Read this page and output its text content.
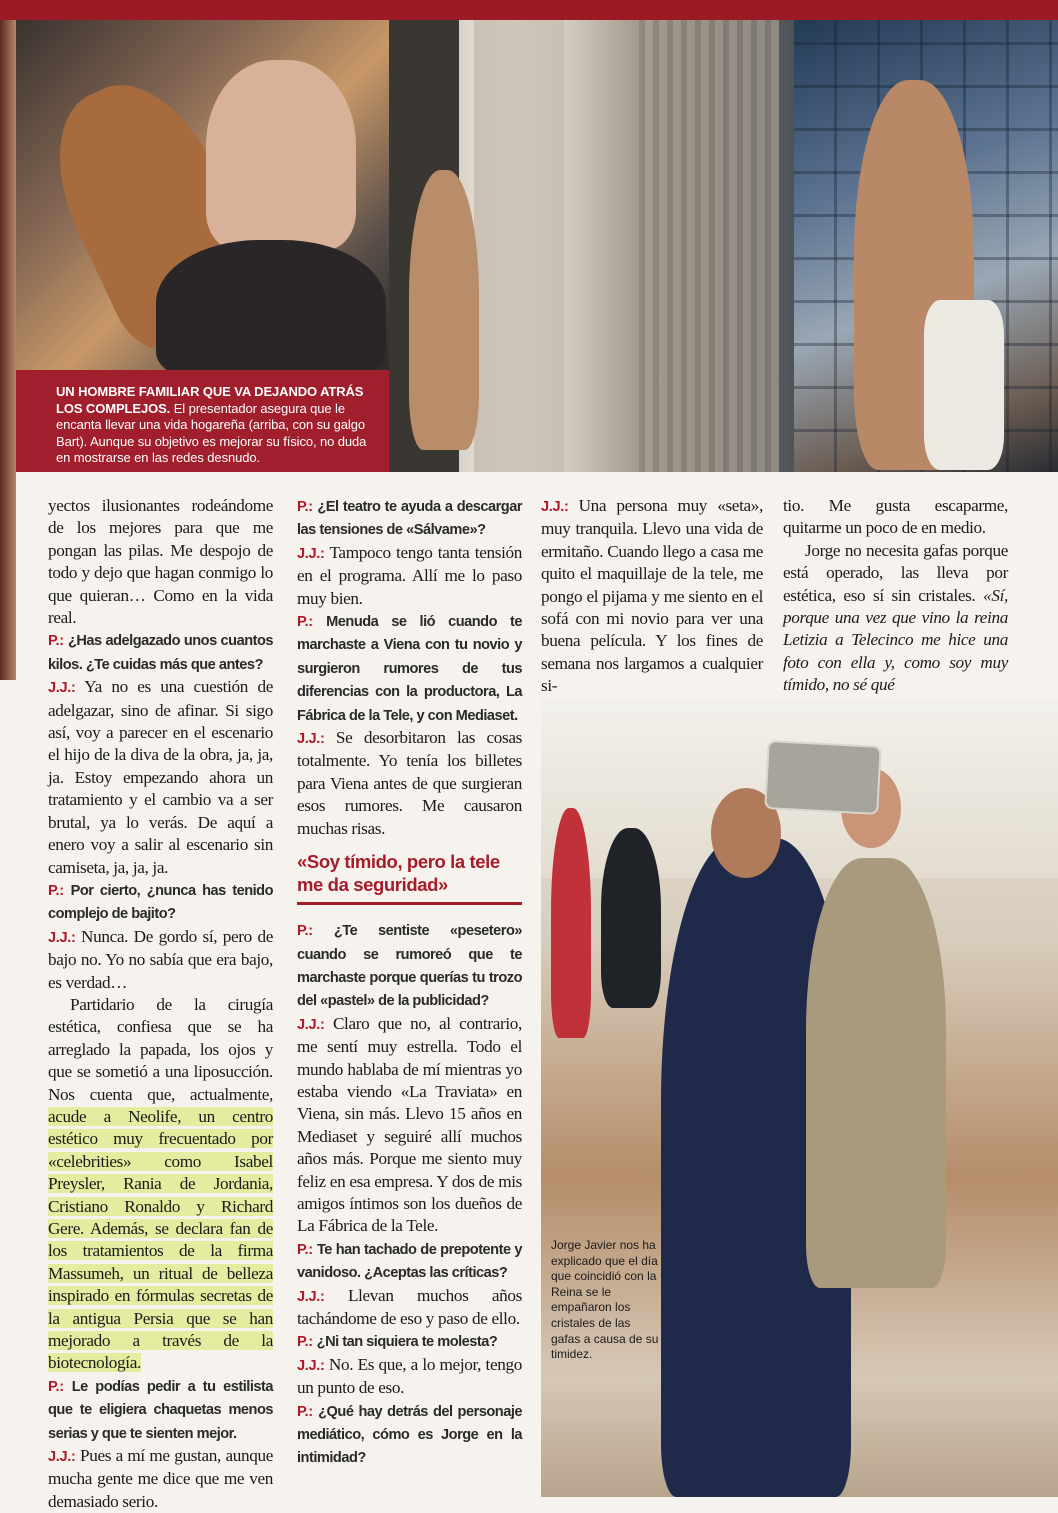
UN HOMBRE FAMILIAR QUE VA DEJANDO ATRÁS LOS COMPLEJOS. El presentador asegura que le encanta llevar una vida hogareña (arriba, con su galgo Bart). Aunque su objetivo es mejorar su físico, no duda en mostrarse en las redes desnudo.

yectos ilusionantes rodeándome de los mejores para que me pongan las pilas. Me despojo de todo y dejo que hagan conmigo lo que quieran… Como en la vida real.

P.: ¿Has adelgazado unos cuantos kilos. ¿Te cuidas más que antes?

J.J.: Ya no es una cuestión de adelgazar, sino de afinar. Si sigo así, voy a parecer en el escenario el hijo de la diva de la obra, ja, ja, ja. Estoy empezando ahora un tratamiento y el cambio va a ser brutal, ya lo verás. De aquí a enero voy a salir al escenario sin camiseta, ja, ja, ja.

P.: Por cierto, ¿nunca has tenido complejo de bajito?

J.J.: Nunca. De gordo sí, pero de bajo no. Yo no sabía que era bajo, es verdad…

Partidario de la cirugía estética, confiesa que se ha arreglado la papada, los ojos y que se sometió a una liposucción. Nos cuenta que, actualmente, acude a Neolife, un centro estético muy frecuentado por «celebrities» como Isabel Preysler, Rania de Jordania, Cristiano Ronaldo y Richard Gere. Además, se declara fan de los tratamientos de la firma Massumeh, un ritual de belleza inspirado en fórmulas secretas de la antigua Persia que se han mejorado a través de la biotecnología.

P.: Le podías pedir a tu estilista que te eligiera chaquetas menos serias y que te sienten mejor.

J.J.: Pues a mí me gustan, aunque mucha gente me dice que me ven demasiado serio.

P.: ¿El teatro te ayuda a descargar las tensiones de «Sálvame»?

J.J.: Tampoco tengo tanta tensión en el programa. Allí me lo paso muy bien.

P.: Menuda se lió cuando te marchaste a Viena con tu novio y surgieron rumores de tus diferencias con la productora, La Fábrica de la Tele, y con Mediaset.

J.J.: Se desorbitaron las cosas totalmente. Yo tenía los billetes para Viena antes de que surgieran esos rumores. Me causaron muchas risas.

«Soy tímido, pero la tele me da seguridad»

P.: ¿Te sentiste «pesetero» cuando se rumoreó que te marchaste porque querías tu trozo del «pastel» de la publicidad?

J.J.: Claro que no, al contrario, me sentí muy estrella. Todo el mundo hablaba de mí mientras yo estaba viendo «La Traviata» en Viena, sin más. Llevo 15 años en Mediaset y seguiré allí muchos años más. Porque me siento muy feliz en esa empresa. Y dos de mis amigos íntimos son los dueños de La Fábrica de la Tele.

P.: Te han tachado de prepotente y vanidoso. ¿Aceptas las críticas?

J.J.: Llevan muchos años tachándome de eso y paso de ello.

P.: ¿Ni tan siquiera te molesta?

J.J.: No. Es que, a lo mejor, tengo un punto de eso.

P.: ¿Qué hay detrás del personaje mediático, cómo es Jorge en la intimidad?

J.J.: Una persona muy «seta», muy tranquila. Llevo una vida de ermitaño. Cuando llego a casa me quito el maquillaje de la tele, me pongo el pijama y me siento en el sofá con mi novio para ver una buena película. Y los fines de semana nos largamos a cualquier si-

tio. Me gusta escaparme, quitarme un poco de en medio.

Jorge no necesita gafas porque está operado, las lleva por estética, eso sí sin cristales. «Sí, porque una vez que vino la reina Letizia a Telecinco me hice una foto con ella y, como soy muy tímido, no sé qué

Jorge Javier nos ha explicado que el día que coincidió con la Reina se le empañaron los cristales de las gafas a causa de su timidez.
